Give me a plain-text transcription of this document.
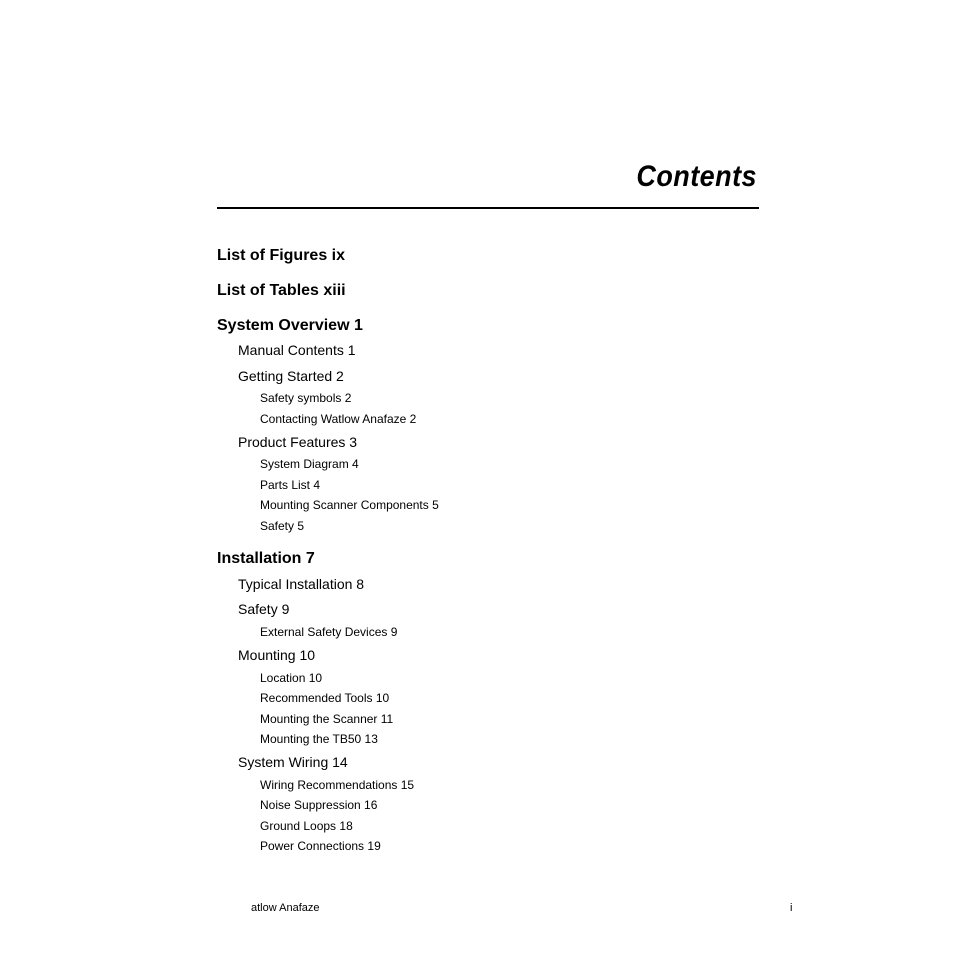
Contents
List of Figures ix
List of Tables xiii
System Overview 1
Manual Contents 1
Getting Started 2
Safety symbols 2
Contacting Watlow Anafaze 2
Product Features 3
System Diagram 4
Parts List 4
Mounting Scanner Components 5
Safety 5
Installation 7
Typical Installation 8
Safety 9
External Safety Devices 9
Mounting 10
Location 10
Recommended Tools 10
Mounting the Scanner 11
Mounting the TB50 13
System Wiring 14
Wiring Recommendations 15
Noise Suppression 16
Ground Loops 18
Power Connections 19
atlow Anafaze	i
